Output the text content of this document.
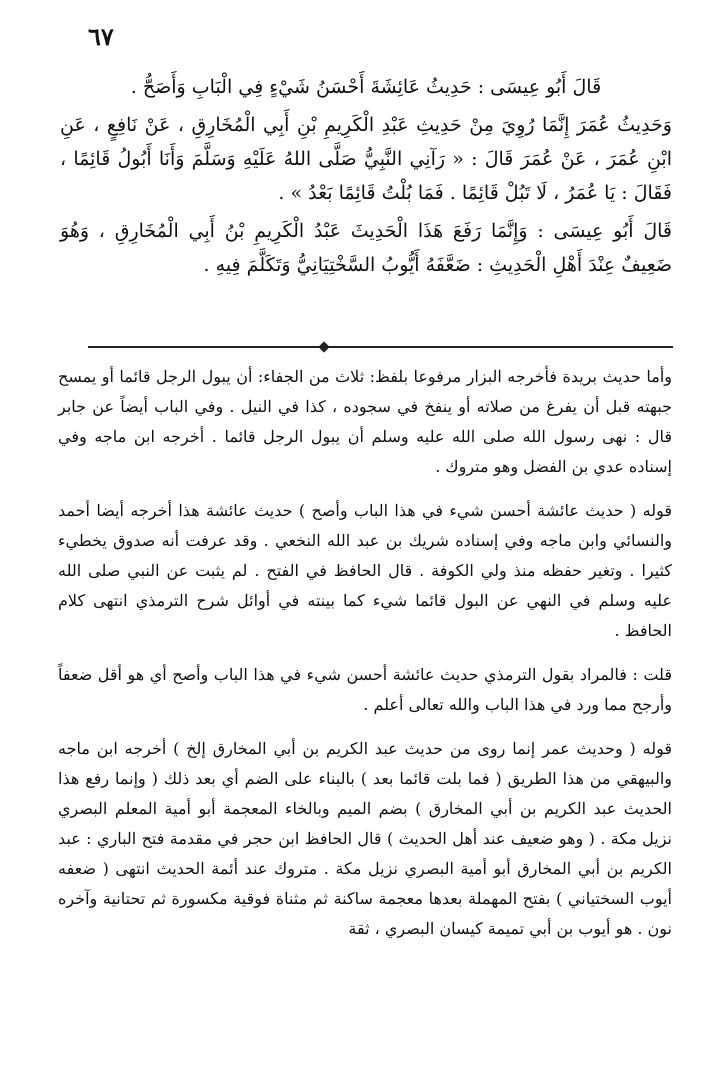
٦٧

قَالَ أَبُو عِيسَى : حَدِيثُ عَائِشَةَ أَحْسَنُ شَيْءٍ فِي الْبَابِ وَأَصَحُّ .

وَحَدِيثُ عُمَرَ إِنَّمَا رُوِيَ مِنْ حَدِيثِ عَبْدِ الْكَرِيمِ بْنِ أَبِي الْمُخَارِقِ ، عَنْ نَافِعٍ ، عَنِ ابْنِ عُمَرَ ، عَنْ عُمَرَ قَالَ : « رَآنِي النَّبِيُّ صَلَّى اللهُ عَلَيْهِ وَسَلَّمَ وَأَنَا أَبُولُ قَائِمًا ، فَقَالَ : يَا عُمَرُ ، لَا تَبُلْ قَائِمًا . فَمَا بُلْتُ قَائِمًا بَعْدُ » .

قَالَ أَبُو عِيسَى : وَإِنَّمَا رَفَعَ هَذَا الْحَدِيثَ عَبْدُ الْكَرِيمِ بْنُ أَبِي الْمُخَارِقِ ، وَهُوَ ضَعِيفٌ عِنْدَ أَهْلِ الْحَدِيثِ : ضَعَّفَهُ أَيُّوبُ السَّخْتِيَانِيُّ وَتَكَلَّمَ فِيهِ .

وأما حديث بريدة فأخرجه البزار مرفوعا بلفظ: ثلاث من الجفاء: أن يبول الرجل قائما أو يمسح جبهته قبل أن يفرغ من صلاته أو ينفخ في سجوده ، كذا في النيل . وفي الباب أيضاً عن جابر قال : نهى رسول الله صلى الله عليه وسلم أن يبول الرجل قائما . أخرجه ابن ماجه وفي إسناده عدي بن الفضل وهو متروك .

قوله ( حديث عائشة أحسن شيء في هذا الباب وأصح ) حديث عائشة هذا أخرجه أيضا أحمد والنسائي وابن ماجه وفي إسناده شريك بن عبد الله النخعي . وقد عرفت أنه صدوق يخطيء كثيرا . وتغير حفظه منذ ولي الكوفة . قال الحافظ في الفتح . لم يثبت عن النبي صلى الله عليه وسلم في النهي عن البول قائما شيء كما بينته في أوائل شرح الترمذي انتهى كلام الحافظ .

قلت : فالمراد بقول الترمذي حديث عائشة أحسن شيء في هذا الباب وأصح أي هو أقل ضعفاً وأرجح مما ورد في هذا الباب والله تعالى أعلم .

قوله ( وحديث عمر إنما روى من حديث عبد الكريم بن أبي المخارق إلخ ) أخرجه ابن ماجه والبيهقي من هذا الطريق ( فما بلت قائما بعد ) بالبناء على الضم أي بعد ذلك ( وإنما رفع هذا الحديث عبد الكريم بن أبي المخارق ) بضم الميم وبالخاء المعجمة أبو أمية المعلم البصري نزيل مكة . ( وهو ضعيف عند أهل الحديث ) قال الحافظ ابن حجر في مقدمة فتح الباري : عبد الكريم بن أبي المخارق أبو أمية البصري نزيل مكة . متروك عند أئمة الحديث انتهى ( ضعفه أيوب السختياني ) بفتح المهملة بعدها معجمة ساكنة ثم مثناة فوقية مكسورة ثم تحتانية وآخره نون . هو أيوب بن أبي تميمة كيسان البصري ، ثقة
